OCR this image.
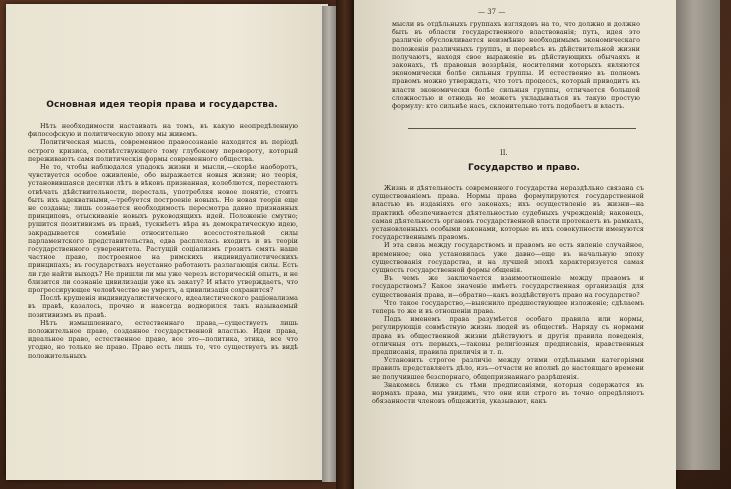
Основная идея теорія права и государства.

Нѣть необходимости настаивать на томъ, въ какую неопредѣленную философскую и политическую эпоху мы живемъ.

Политическая мысль, современное правосознаніе находятся въ періодѣ острого кризиса, соотвѣтствующего тому глубокому перевороту, который переживаютъ самя политическія формы современного общества.

Не то, чтобы наблюдался упадокъ жизни и мысли,—скорѣе наоборотъ, чувствуется особое оживленіе, обо выражается новыя жизни; но теорія, установившаяся десятки лѣтъ в вѣковъ признанная, колеблются, перестаютъ отвѣчать дѣйствительности, пересталь, употребляя новое понятіе, стоитъ быть ихъ адекватными,—требуется построеніе новыхъ. Но новая теорія еще не созданы; лишь сознается необходимость пересмотра давно признанных принциповъ, отыскиваніе новыхъ руководящихъ идей. Положеніе смутно; рушится позитивизмъ въ правѣ, тускнѣетъ вѣра въ демократическую идею, закрадывается сомнѣніе относительно всесостоятельной силы парламентского представительства, едва расплелась входитъ и въ теоріи государственного суверенитета. Растущій соціализмъ грозитъ смять наше частное право, построенное на римскихъ индивидуалистическихъ принципахъ; въ государствахъ неустанно работаютъ разлагающія силы. Есть ли где найти выходъ? Не пришли ли мы уже черезъ историческій опытъ, и не близится ли сознаніе цивилизаціи уже къ закату? И нѣкто утверждаетъ, что прогрессирующее человѣчество не умретъ, а цивилизація сохранится?

Послѣ крушенія индивидуалистического, идеалистического раціонализма въ правѣ, казалось, прочно и навсегда водворился такъ называемый позитивизмъ въ правѣ.

Нѣтъ измышленнаго, естественнаго права,—существуетъ лишь положительное право, созданное государственной властью. Идеи права, идеальное право, естественное право, все это—политика, этика, все что угодно, но только не право. Право есть лишь то, что существуетъ въ видѣ положительныхъ

— 37 —

мысли въ отдѣльныхъ группахъ взглядовъ на то, что должно и должно быть въ области государственного властвованія; путь, идея это различіе обусловливается неизмѣнно необходимымъ экономическаго положенія различныхъ группъ, и перевѣсъ въ дѣйствительной жизни получаютъ, находя свое выраженіе въ дѣйствующихъ обычаяхъ и законахъ, тѣ правовыя воззрѣнія, носителями которыхъ являются экономически болѣе сильныя группы. И естественно въ полномъ правомъ можно утверждать, что тотъ процессъ, который приводитъ къ власти экономически болѣе сильныя группы, отличается большой сложностью и отнюдь не можетъ укладываться въ такую простую формулу: кто сильнѣе насъ, склонительно тотъ подобаетъ и власть.

II.
Государство и право.

Жизнь и дѣятельность современного государства нераздѣльно связана съ существованіемъ права. Нормы права формулируются государственной властью въ изданіяхъ его законахъ; ихъ осуществленіе въ жизни—на практикѣ обезпечивается дѣятельностью судебныхъ учрежденій; наконецъ, самая дѣятельность органовъ государственной власти протекаетъ въ рамкахъ, установленныхъ особыми законами, которые въ ихъ совокупности именуются государственнымъ правомъ.

И эта связь между государствомъ и правомъ не есть явленіе случайное, временное; она установилась уже давно—еще въ начальную эпоху существованія государства, и на лучшей эпохѣ характеризуется самая сущность государственной формы общенія.

Въ чемъ же заключается взаимоотношеніе между правомъ и государствомъ? Какое значеніе имѣетъ государственная организація для существованія права, и—обратно—какъ воздѣйствуетъ право на государство?

Что такое государство,—выяснило предшествующее изложеніе; сдѣлаемъ теперь то же и въ отношеніи права.

Подъ именемъ права разумѣется особаго правила или нормы, регулирующія совмѣстную жизнь людей въ обществѣ. Наряду съ нормами права въ общественной жизни дѣйствуютъ и другія правила поведенія, отличныя отъ первыхъ,—таковы религіозныя предписанія, нравственныя предписанія, правила приличія и т. п.

Установить строгое различіе между этими отдѣльными категоріями правилъ представляетъ дѣло, изъ—отчасти не вполнѣ до настоящаго времени не получившее безспорнаго, общепризнаннаго разрѣшенія.

Знакомясь ближе съ тѣми предписаніями, которыя содержатся въ нормахъ права, мы увидимъ, что они или строго въ точно опредѣляютъ обязанности членовъ общежитія, указывают, какъ
